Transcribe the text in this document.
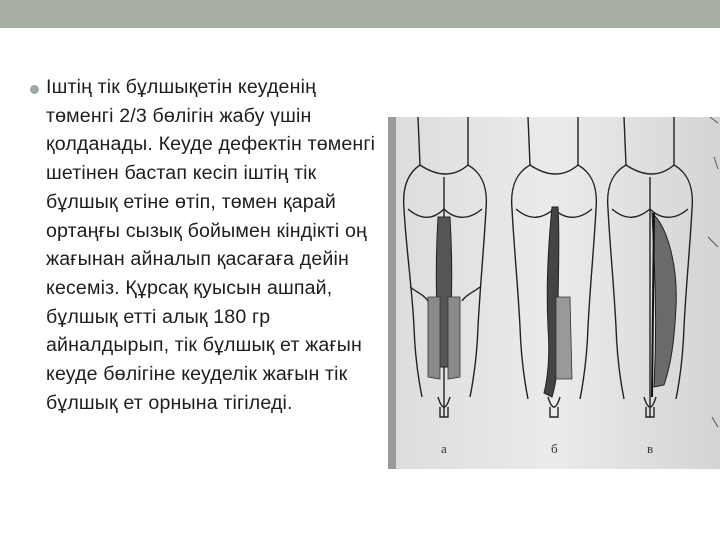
Іштің тік бұлшықетін кеуденің төменгі 2/3 бөлігін жабу үшін қолданады. Кеуде дефектін төменгі шетінен бастап кесіп іштің тік бұлшық етіне өтіп, төмен қарай ортаңғы сызық бойымен кіндікті оң жағынан айналып қасағаға дейін кесеміз. Құрсақ қуысын ашпай, бұлшық етті алық 180 гр айналдырып, тік бұлшық ет жағын кеуде бөлігіне кеуделік жағын тік бұлшық ет орнына тігіледі.
а	б	в
